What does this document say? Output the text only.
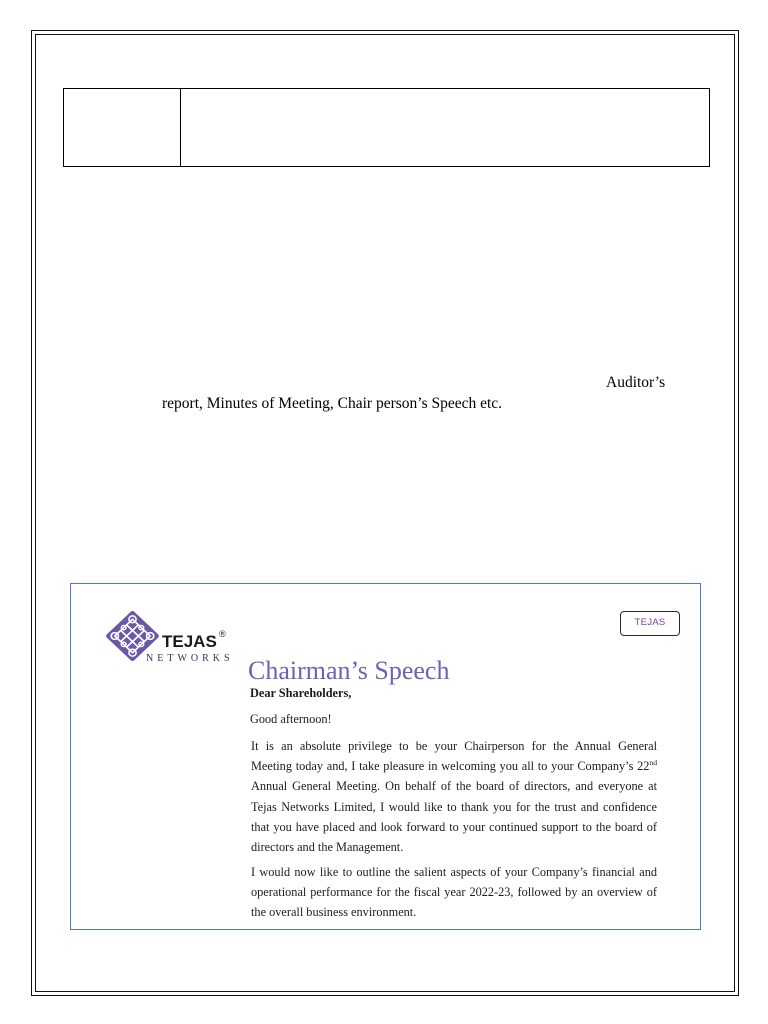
Auditor’s
report, Minutes of Meeting, Chair person’s Speech etc.
TEJAS ®
NETWORKS
TEJAS
Chairman’s Speech
Dear Shareholders,
Good afternoon!
It is an absolute privilege to be your Chairperson for the Annual General
Meeting today and, I take pleasure in welcoming you all to your Company’s 22nd
Annual General Meeting. On behalf of the board of directors, and everyone at
Tejas Networks Limited, I would like to thank you for the trust and confidence
that you have placed and look forward to your continued support to the board of
directors and the Management.
I would now like to outline the salient aspects of your Company’s financial and
operational performance for the fiscal year 2022-23, followed by an overview of
the overall business environment.
